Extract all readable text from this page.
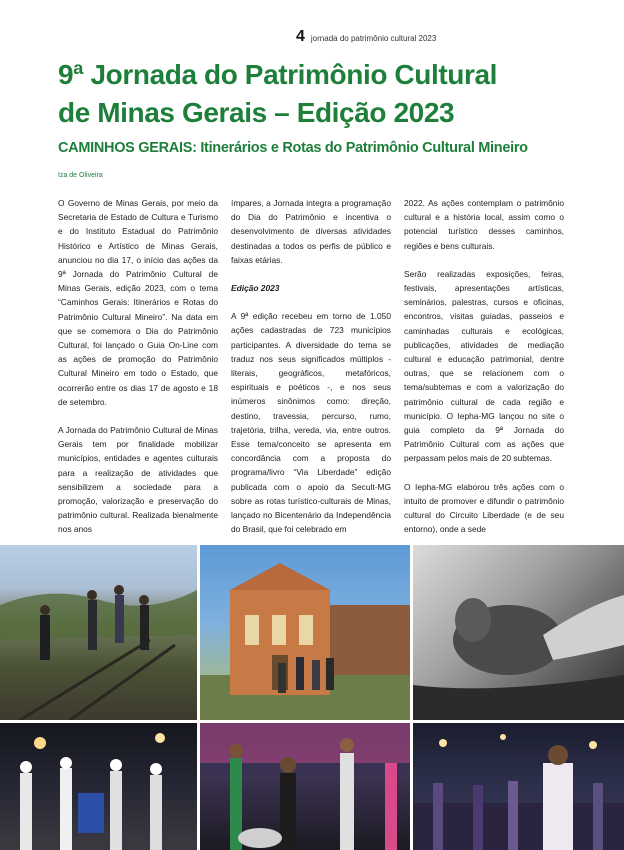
4 jornada do patrimônio cultural 2023
9ª Jornada do Patrimônio Cultural
de Minas Gerais – Edição 2023
CAMINHOS GERAIS: Itinerários e Rotas do Patrimônio Cultural Mineiro
Iza de Oliveira

O Governo de Minas Gerais, por meio da Secretaria de Estado de Cultura e Turismo e do Instituto Estadual do Patrimônio Histórico e Artístico de Minas Gerais, anunciou no dia 17, o início das ações da 9ª Jornada do Patrimônio Cultural de Minas Gerais, edição 2023, com o tema “Caminhos Gerais: Itinerários e Rotas do Patrimônio Cultural Mineiro”. Na data em que se comemora o Dia do Patrimônio Cultural, foi lançado o Guia On-Line com as ações de promoção do Patrimônio Cultural Mineiro em todo o Estado, que ocorrerão entre os dias 17 de agosto e 18 de setembro.

A Jornada do Patrimônio Cultural de Minas Gerais tem por finalidade mobilizar municípios, entidades e agentes culturais para a realização de atividades que sensibilizem a sociedade para a promoção, valorização e preservação do patrimônio cultural. Realizada bienalmente nos anos

ímpares, a Jornada integra a programação do Dia do Patrimônio e incentiva o desenvolvimento de diversas atividades destinadas a todos os perfis de público e faixas etárias.

Edição 2023

A 9ª edição recebeu em torno de 1.050 ações cadastradas de 723 municípios participantes. A diversidade do tema se traduz nos seus significados múltiplos - literais, geográficos, metafóricos, espirituais e poéticos -, e nos seus inúmeros sinônimos como: direção, destino, travessia, percurso, rumo, trajetória, trilha, vereda, via, entre outros. Esse tema/conceito se apresenta em concordância com a proposta do programa/livro “Via Liberdade” edição publicada com o apoio da Secult-MG sobre as rotas turístico-culturais de Minas, lançado no Bicentenário da Independência do Brasil, que foi celebrado em

2022. As ações contemplam o patrimônio cultural e a história local, assim como o potencial turístico desses caminhos, regiões e bens culturais.

Serão realizadas exposições, feiras, festivais, apresentações artísticas, seminários, palestras, cursos e oficinas, encontros, visitas guiadas, passeios e caminhadas culturais e ecológicas, publicações, atividades de mediação cultural e educação patrimonial, dentre outras, que se relacionem com o tema/subtemas e com a valorização do patrimônio cultural de cada região e município. O Iepha-MG lançou no site o guia completo da 9ª Jornada do Patrimônio Cultural com as ações que perpassam pelos mais de 20 subtemas.

O Iepha-MG elaborou três ações com o intuito de promover e difundir o patrimônio cultural do Circuito Liberdade (e de seu entorno), onde a sede
